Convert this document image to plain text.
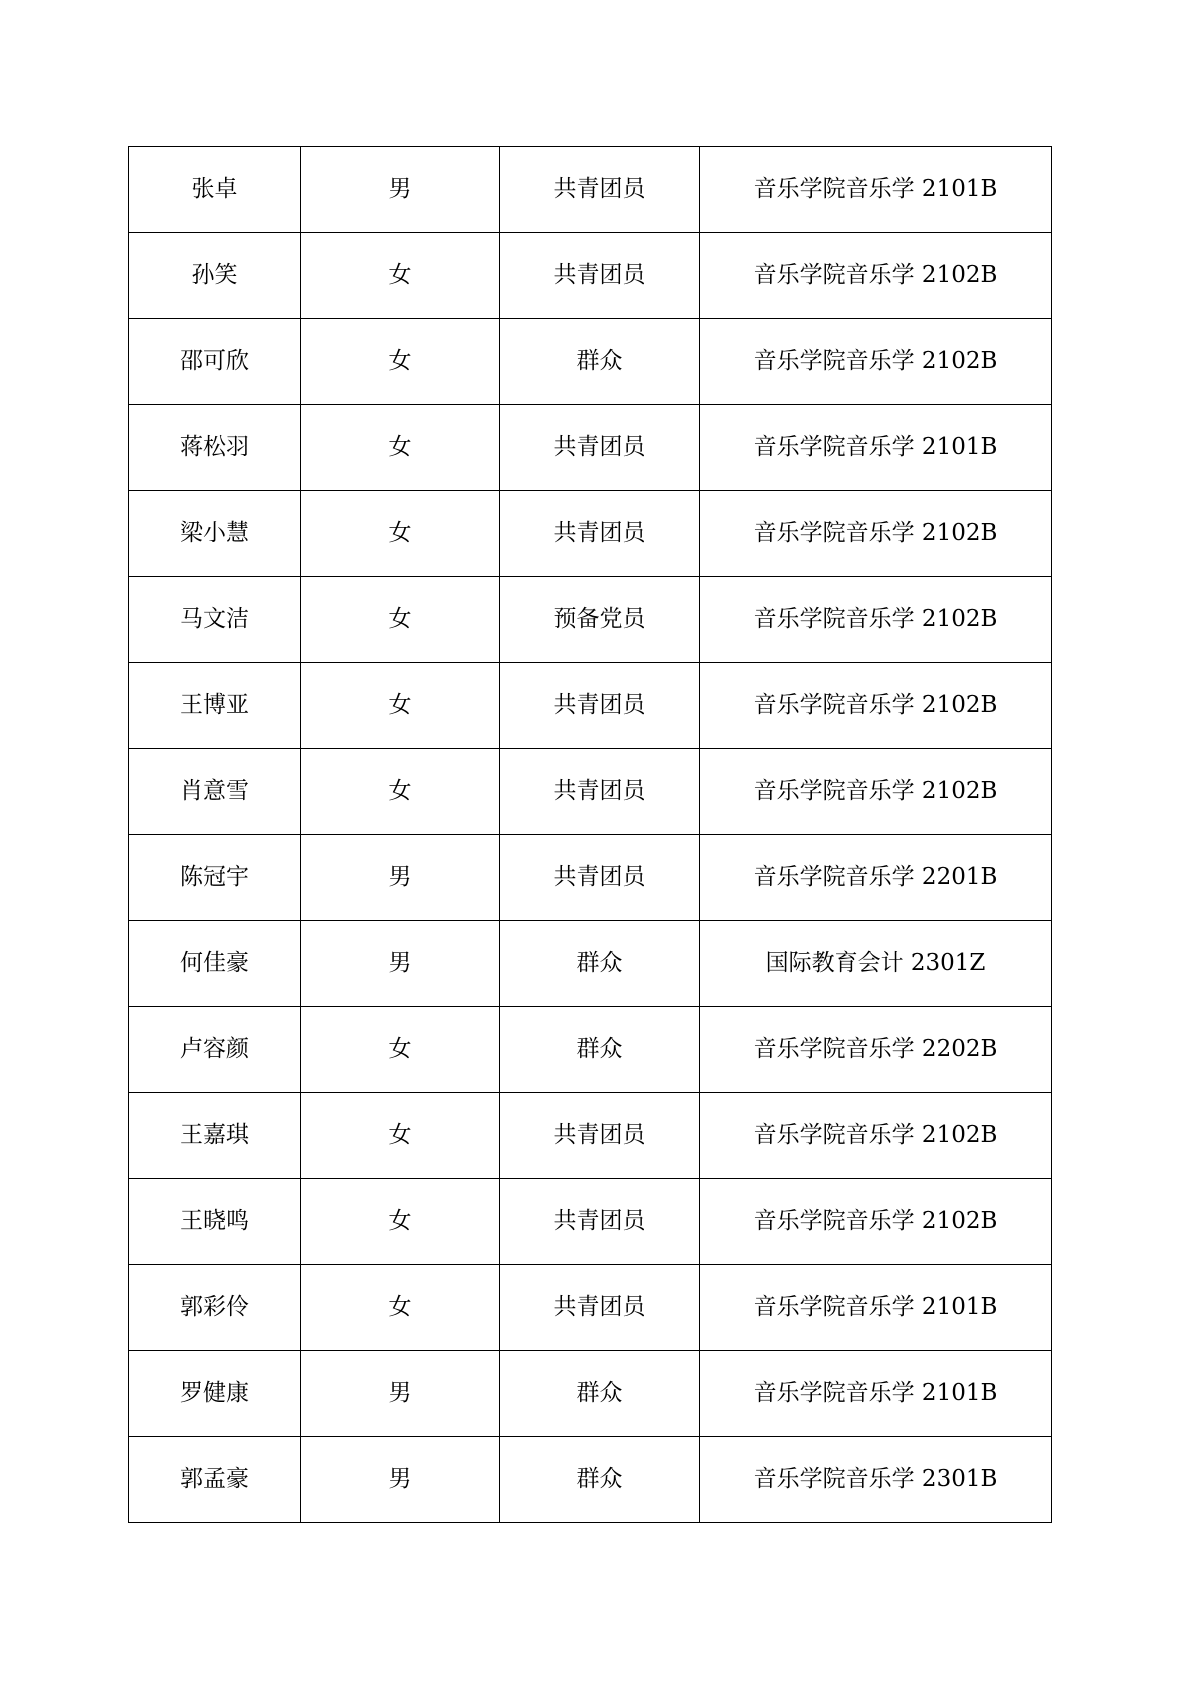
张卓	男	共青团员	音乐学院音乐学 2101B
孙笑	女	共青团员	音乐学院音乐学 2102B
邵可欣	女	群众	音乐学院音乐学 2102B
蒋松羽	女	共青团员	音乐学院音乐学 2101B
梁小慧	女	共青团员	音乐学院音乐学 2102B
马文洁	女	预备党员	音乐学院音乐学 2102B
王博亚	女	共青团员	音乐学院音乐学 2102B
肖意雪	女	共青团员	音乐学院音乐学 2102B
陈冠宇	男	共青团员	音乐学院音乐学 2201B
何佳豪	男	群众	国际教育会计 2301Z
卢容颜	女	群众	音乐学院音乐学 2202B
王嘉琪	女	共青团员	音乐学院音乐学 2102B
王晓鸣	女	共青团员	音乐学院音乐学 2102B
郭彩伶	女	共青团员	音乐学院音乐学 2101B
罗健康	男	群众	音乐学院音乐学 2101B
郭孟豪	男	群众	音乐学院音乐学 2301B
